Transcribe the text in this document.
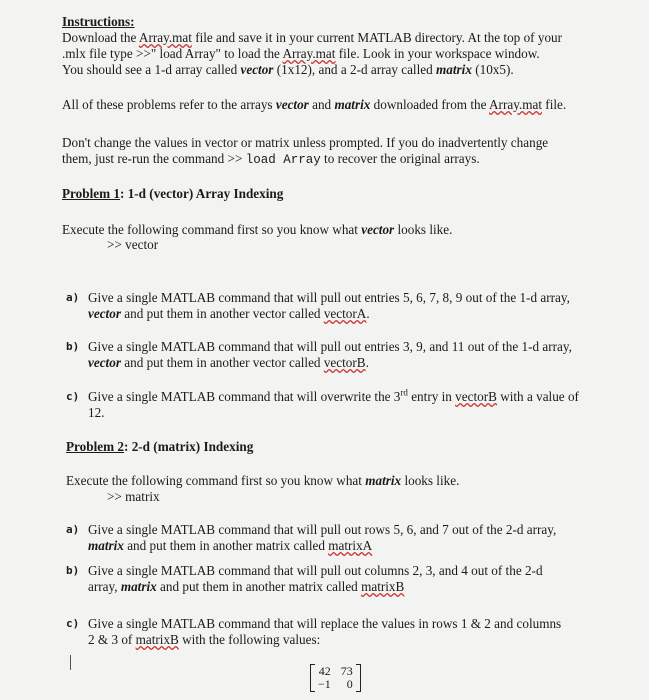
Instructions:
Download the Array.mat file and save it in your current MATLAB directory. At the top of your
.mlx file type >>" load Array" to load the Array.mat file. Look in your workspace window.
You should see a 1-d array called vector (1x12), and a 2-d array called matrix (10x5).
All of these problems refer to the arrays vector and matrix downloaded from the Array.mat file.
Don't change the values in vector or matrix unless prompted. If you do inadvertently change
them, just re-run the command >> load Array to recover the original arrays.
Problem 1: 1-d (vector) Array Indexing
Execute the following command first so you know what vector looks like.
>> vector
a) Give a single MATLAB command that will pull out entries 5, 6, 7, 8, 9 out of the 1-d array,
vector and put them in another vector called vectorA.
b) Give a single MATLAB command that will pull out entries 3, 9, and 11 out of the 1-d array,
vector and put them in another vector called vectorB.
c) Give a single MATLAB command that will overwrite the 3rd entry in vectorB with a value of
12.
Problem 2: 2-d (matrix) Indexing
Execute the following command first so you know what matrix looks like.
>> matrix
a) Give a single MATLAB command that will pull out rows 5, 6, and 7 out of the 2-d array,
matrix and put them in another matrix called matrixA
b) Give a single MATLAB command that will pull out columns 2, 3, and 4 out of the 2-d
array, matrix and put them in another matrix called matrixB
c) Give a single MATLAB command that will replace the values in rows 1 & 2 and columns
2 & 3 of matrixB with the following values:
42 73
−1	0
